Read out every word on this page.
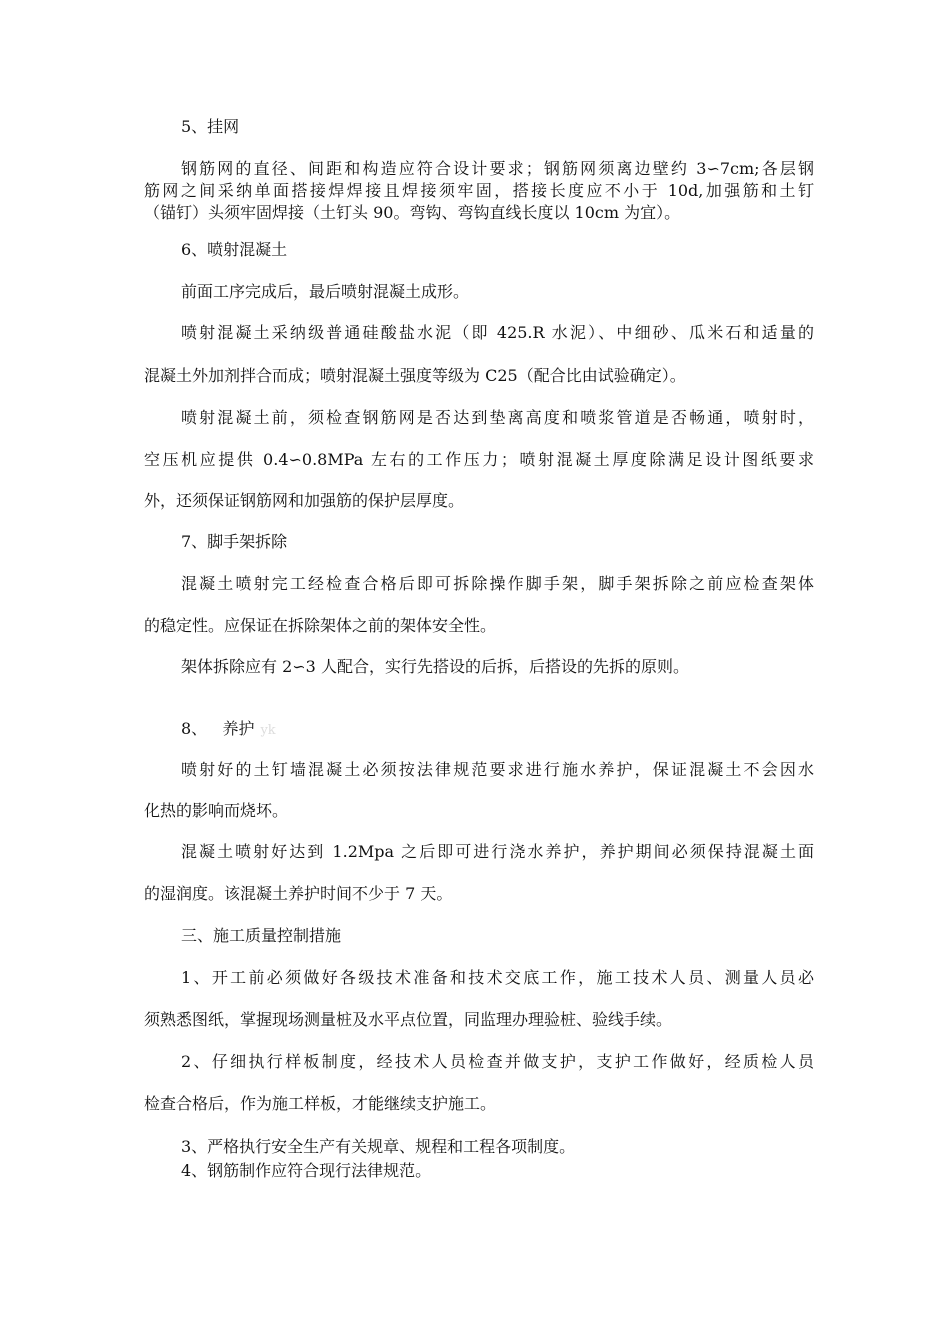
5、挂网
钢筋网的直径、间距和构造应符合设计要求；钢筋网须离边壁约 3∽7cm;各层钢
筋网之间采纳单面搭接焊焊接且焊接须牢固，搭接长度应不小于 10d,加强筋和土钉
（锚钉）头须牢固焊接（土钉头 90。弯钩、弯钩直线长度以 10cm 为宜）。
6、喷射混凝土
前面工序完成后，最后喷射混凝土成形。
喷射混凝土采纳级普通硅酸盐水泥（即 425.R 水泥）、中细砂、瓜米石和适量的
混凝土外加剂拌合而成；喷射混凝土强度等级为 C25（配合比由试验确定）。
喷射混凝土前，须检查钢筋网是否达到垫离高度和喷浆管道是否畅通，喷射时，
空压机应提供 0.4∽0.8MPa 左右的工作压力；喷射混凝土厚度除满足设计图纸要求
外，还须保证钢筋网和加强筋的保护层厚度。
7、脚手架拆除
混凝土喷射完工经检查合格后即可拆除操作脚手架，脚手架拆除之前应检查架体
的稳定性。应保证在拆除架体之前的架体安全性。
架体拆除应有 2∽3 人配合，实行先搭设的后拆，后搭设的先拆的原则。
8、   养护 yk
喷射好的土钉墙混凝土必须按法律规范要求进行施水养护，保证混凝土不会因水
化热的影响而烧坏。
混凝土喷射好达到 1.2Mpa 之后即可进行浇水养护，养护期间必须保持混凝土面
的湿润度。该混凝土养护时间不少于 7 天。
三、施工质量控制措施
1、开工前必须做好各级技术准备和技术交底工作，施工技术人员、测量人员必
须熟悉图纸，掌握现场测量桩及水平点位置，同监理办理验桩、验线手续。
2、仔细执行样板制度，经技术人员检查并做支护，支护工作做好，经质检人员
检查合格后，作为施工样板，才能继续支护施工。
3、严格执行安全生产有关规章、规程和工程各项制度。
4、钢筋制作应符合现行法律规范。
